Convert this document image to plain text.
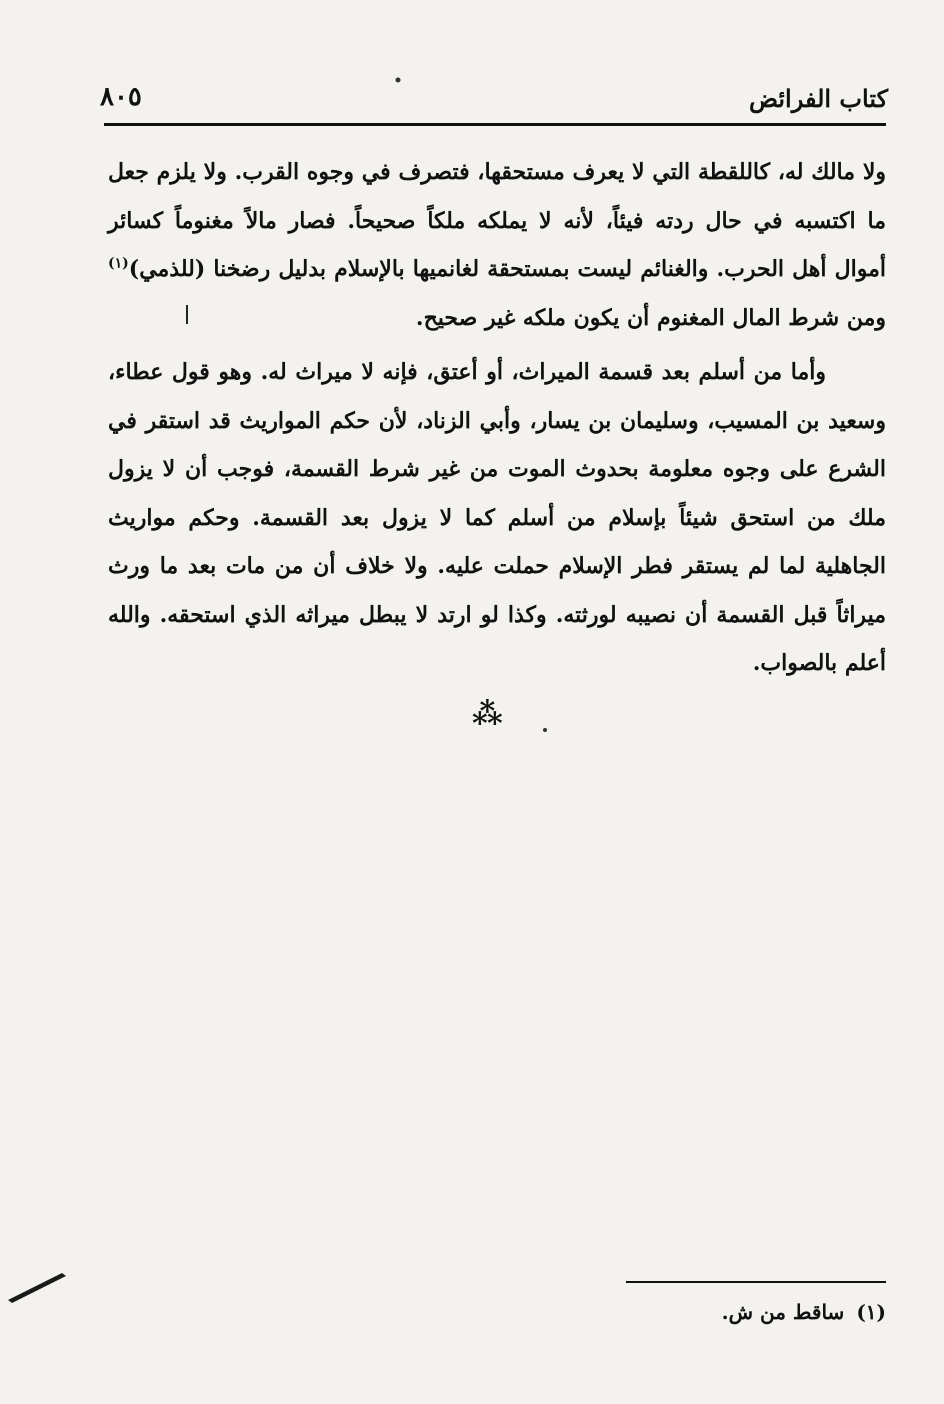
كتاب الفرائض
٨٠٥

ولا مالك له، كاللقطة التي لا يعرف مستحقها، فتصرف في وجوه القرب. ولا يلزم جعل ما اكتسبه في حال ردته فيئاً، لأنه لا يملكه ملكاً صحيحاً. فصار مالاً مغنوماً كسائر أموال أهل الحرب. والغنائم ليست بمستحقة لغانميها بالإسلام بدليل رضخنا (للذمي)$^{(١)}$ ومن شرط المال المغنوم أن يكون ملكه غير صحيح.

وأما من أسلم بعد قسمة الميراث، أو أعتق، فإنه لا ميراث له. وهو قول عطاء، وسعيد بن المسيب، وسليمان بن يسار، وأبي الزناد، لأن حكم المواريث قد استقر في الشرع على وجوه معلومة بحدوث الموت من غير شرط القسمة، فوجب أن لا يزول ملك من استحق شيئاً بإسلام من أسلم كما لا يزول بعد القسمة. وحكم مواريث الجاهلية لما لم يستقر فطر الإسلام حملت عليه. ولا خلاف أن من مات بعد ما ورث ميراثاً قبل القسمة أن نصيبه لورثته. وكذا لو ارتد لا يبطل ميراثه الذي استحقه. والله أعلم بالصواب.

⁂
(١)ساقط من ش.
